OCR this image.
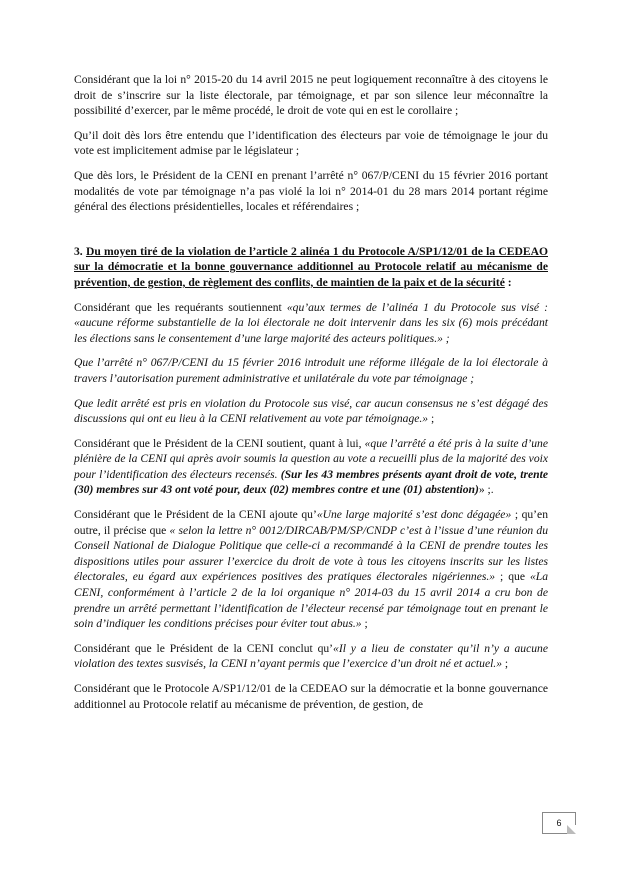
Considérant que la loi n° 2015-20 du 14 avril 2015 ne peut logiquement reconnaître à des citoyens le droit de s’inscrire sur la liste électorale, par témoignage, et par son silence leur méconnaître la possibilité d’exercer, par le même procédé, le droit de vote qui en est le corollaire ;

Qu’il doit dès lors être entendu que l’identification des électeurs par voie de témoignage le jour du vote est implicitement admise par le législateur ;

Que dès lors, le Président de la CENI en prenant l’arrêté n° 067/P/CENI du 15 février 2016 portant modalités de vote par témoignage n’a pas violé la loi n° 2014-01 du 28 mars 2014 portant régime général des élections présidentielles, locales et référendaires ;

3. Du moyen tiré de la violation de l’article 2 alinéa 1 du Protocole A/SP1/12/01 de la CEDEAO sur la démocratie et la bonne gouvernance additionnel au Protocole relatif au mécanisme de prévention, de gestion, de règlement des conflits, de maintien de la paix et de la sécurité :

Considérant que les requérants soutiennent «qu’aux termes de l’alinéa 1 du Protocole sus visé : «aucune réforme substantielle de la loi électorale ne doit intervenir dans les six (6) mois précédant les élections sans le consentement d’une large majorité des acteurs politiques.» ;

Que l’arrêté n° 067/P/CENI du 15 février 2016 introduit une réforme illégale de la loi électorale à travers l’autorisation purement administrative et unilatérale du vote par témoignage ;

Que ledit arrêté est pris en violation du Protocole sus visé, car aucun consensus ne s’est dégagé des discussions qui ont eu lieu à la CENI relativement au vote par témoignage.» ;

Considérant que le Président de la CENI soutient, quant à lui, «que l’arrêté a été pris à la suite d’une plénière de la CENI qui après avoir soumis la question au vote a recueilli plus de la majorité des voix pour l’identification des électeurs recensés. (Sur les 43 membres présents ayant droit de vote, trente (30) membres sur 43 ont voté pour, deux (02) membres contre et une (01) abstention)» ;.

Considérant que le Président de la CENI ajoute qu’«Une large majorité s’est donc dégagée» ; qu’en outre, il précise que « selon la lettre n° 0012/DIRCAB/PM/SP/CNDP c’est à l’issue d’une réunion du Conseil National de Dialogue Politique que celle-ci a recommandé à la CENI de prendre toutes les dispositions utiles pour assurer l’exercice du droit de vote à tous les citoyens inscrits sur les listes électorales, eu égard aux expériences positives des pratiques électorales nigériennes.» ; que «La CENI, conformément à l’article 2 de la loi organique n° 2014-03 du 15 avril 2014 a cru bon de prendre un arrêté permettant l’identification de l’électeur recensé par témoignage tout en prenant le soin d’indiquer les conditions précises pour éviter tout abus.» ;

Considérant que le Président de la CENI conclut qu’«Il y a lieu de constater qu’il n’y a aucune violation des textes susvisés, la CENI n’ayant permis que l’exercice d’un droit né et actuel.» ;

Considérant que le Protocole A/SP1/12/01 de la CEDEAO sur la démocratie et la bonne gouvernance additionnel au Protocole relatif au mécanisme de prévention, de gestion, de

6
